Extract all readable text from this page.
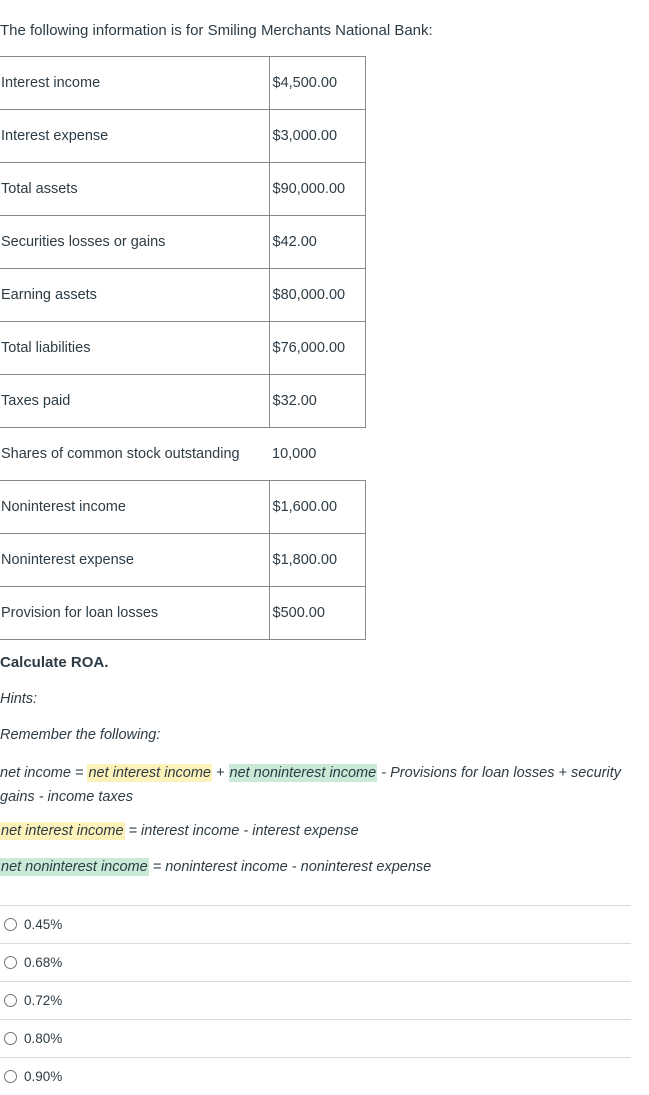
The following information is for Smiling Merchants National Bank:

Interest income	$4,500.00
Interest expense	$3,000.00
Total assets	$90,000.00
Securities losses or gains	$42.00
Earning assets	$80,000.00
Total liabilities	$76,000.00
Taxes paid	$32.00
Shares of common stock outstanding	10,000
Noninterest income	$1,600.00
Noninterest expense	$1,800.00
Provision for loan losses	$500.00

Calculate ROA.

Hints:

Remember the following:

net income = net interest income + net noninterest income - Provisions for loan losses + security gains - income taxes

net interest income = interest income - interest expense

net noninterest income = noninterest income - noninterest expense

0.45%
0.68%
0.72%
0.80%
0.90%
